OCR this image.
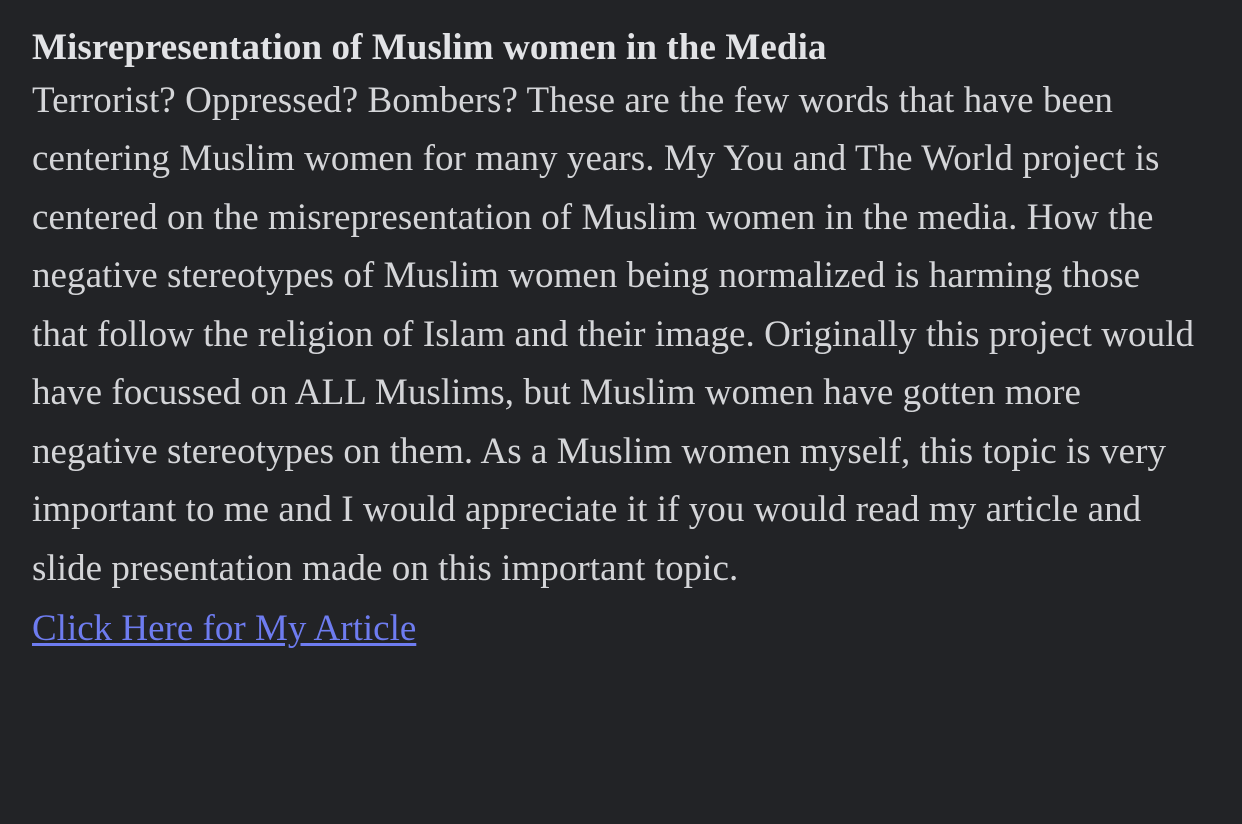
Misrepresentation of Muslim women in the Media

Terrorist? Oppressed? Bombers? These are the few words that have been centering Muslim women for many years. My You and The World project is centered on the misrepresentation of Muslim women in the media. How the negative stereotypes of Muslim women being normalized is harming those that follow the religion of Islam and their image. Originally this project would have focussed on ALL Muslims, but Muslim women have gotten more negative stereotypes on them. As a Muslim women myself, this topic is very important to me and I would appreciate it if you would read my article and slide presentation made on this important topic.

Click Here for My Article
